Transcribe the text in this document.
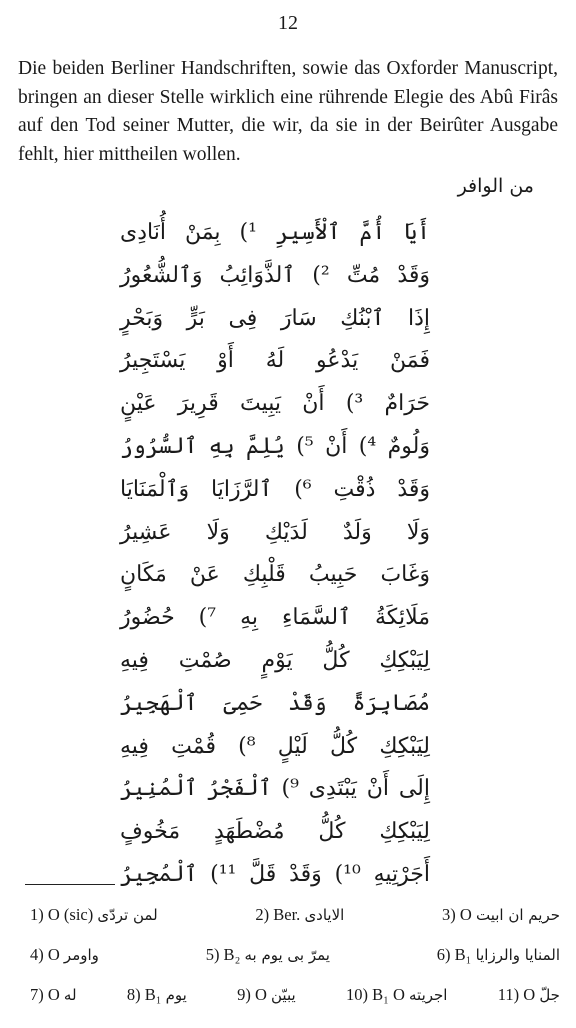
12

Die beiden Berliner Handschriften, sowie das Oxforder Manuscript, bringen an dieser Stelle wirklich eine rührende Elegie des Abû Firâs auf den Tod seiner Mutter, die wir, da sie in der Beirûter Ausgabe fehlt, hier mittheilen wollen.

من الوافر
أَيَا أُمَّ ٱلْأَسِيرِ ¹) بِمَنْ أُنَادِى
وَقَدْ مُتِّ ²) ٱلذَّوَائِبُ وَٱلشُّعُورُ
إِذَا ٱبْنُكِ سَارَ فِى بَرٍّ وَبَحْرٍ
فَمَنْ يَدْعُو لَهُ أَوْ يَسْتَجِيرُ
حَرَامٌ ³) أَنْ يَبِيتَ قَرِيرَ عَيْنٍ
وَلُومٌ ⁴) أَنْ ⁵) يُلِمَّ بِهِ ٱلسُّرُورُ
وَقَدْ ذُقْتِ ⁶) ٱلرَّزَايَا وَٱلْمَنَايَا
وَلَا وَلَدٌ لَدَيْكِ وَلَا عَشِيرُ
وَغَابَ حَبِيبُ قَلْبِكِ عَنْ مَكَانٍ
مَلَائِكَةُ ٱلسَّمَاءِ بِهِ ⁷) حُضُورُ
لِيَبْكِكِ كُلُّ يَوْمٍ صُمْتِ فِيهِ
مُصَابِرَةً وَقَدْ حَمِىَ ٱلْهَجِيرُ
لِيَبْكِكِ كُلُّ لَيْلٍ ⁸) قُمْتِ فِيهِ
إِلَى أَنْ يَبْتَدِى ⁹) ٱلْفَجْرُ ٱلْمُنِيرُ
لِيَبْكِكِ كُلُّ مُضْطَهَدٍ مَخُوفٍ
أَجَرْتِيهِ ¹⁰) وَقَدْ قَلَّ ¹¹) ٱلْمُجِيرُ
1) O (sic) لمن تردّى	2) Ber. الايادى	3) O حريم ان ابيت
4) O واومر	5) B₂ يمرّ بى يوم به	6) B₁ المنايا والرزايا
7) O له	8) B₁ يوم	9) O يبيّن	10) B₁ O اجريته	11) O جلّ
